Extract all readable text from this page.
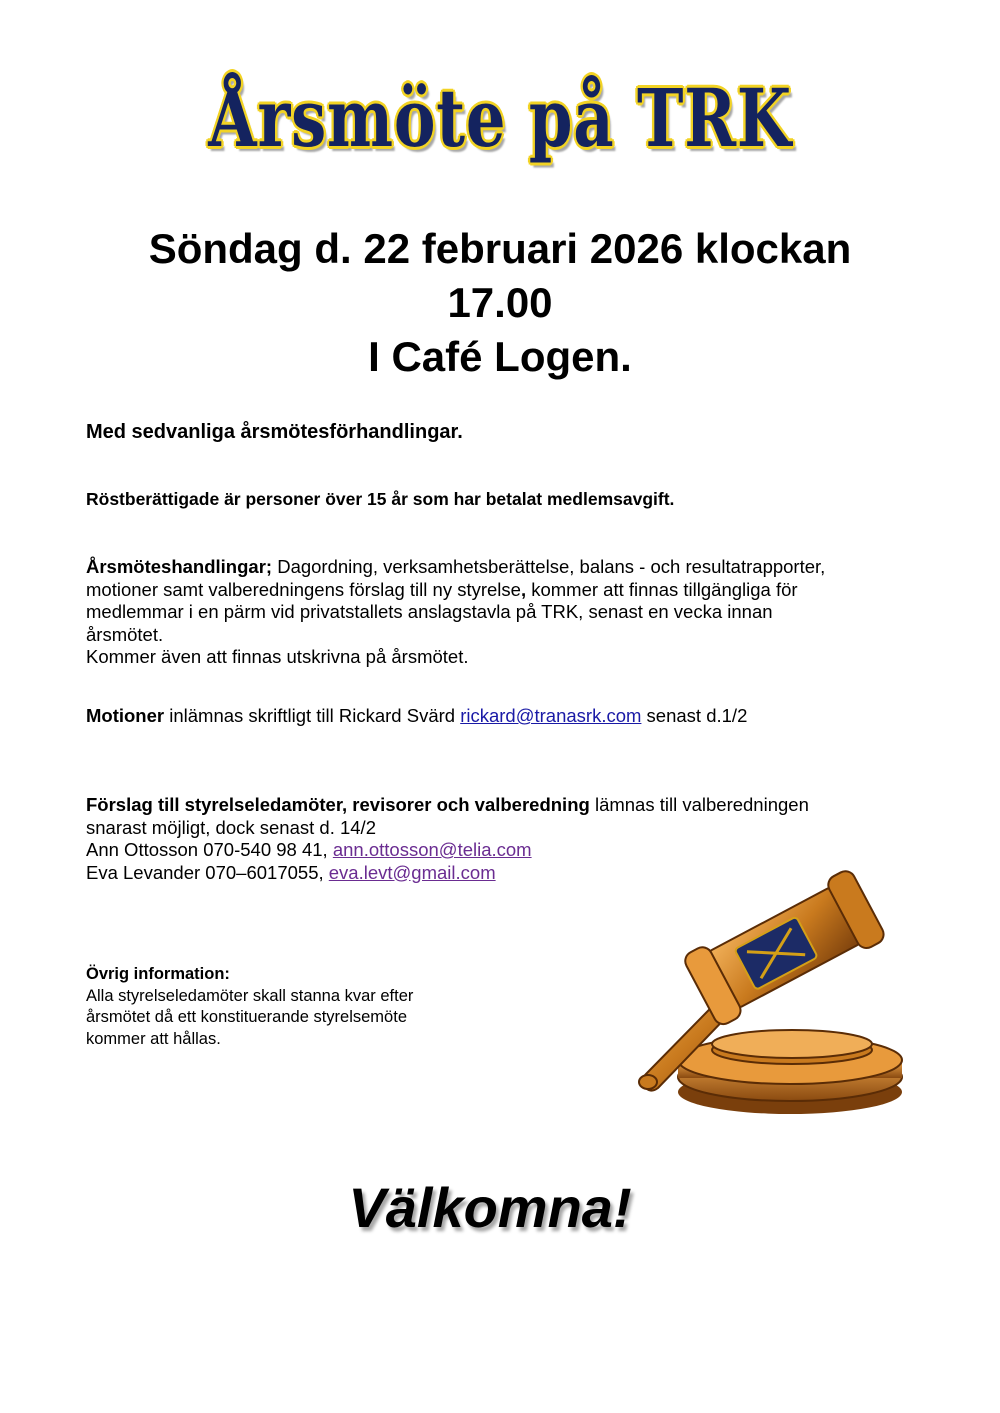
Årsmöte på TRK
Söndag d. 22 februari 2026 klockan
17.00
I Café Logen.
Med sedvanliga årsmötesförhandlingar.
Röstberättigade är personer över 15 år som har betalat medlemsavgift.
Årsmöteshandlingar; Dagordning, verksamhetsberättelse, balans - och resultatrapporter,
motioner samt valberedningens förslag till ny styrelse, kommer att finnas tillgängliga för
medlemmar i en pärm vid privatstallets anslagstavla på TRK, senast en vecka innan
årsmötet.
Kommer även att finnas utskrivna på årsmötet.
Motioner inlämnas skriftligt till Rickard Svärd rickard@tranasrk.com senast d.1/2
Förslag till styrelseledamöter, revisorer och valberedning lämnas till valberedningen
snarast möjligt, dock senast d. 14/2
Ann Ottosson 070-540 98 41, ann.ottosson@telia.com
Eva Levander 070–6017055, eva.levt@gmail.com
Övrig information:
Alla styrelseledamöter skall stanna kvar efter
årsmötet då ett konstituerande styrelsemöte
kommer att hållas.
Välkomna!
